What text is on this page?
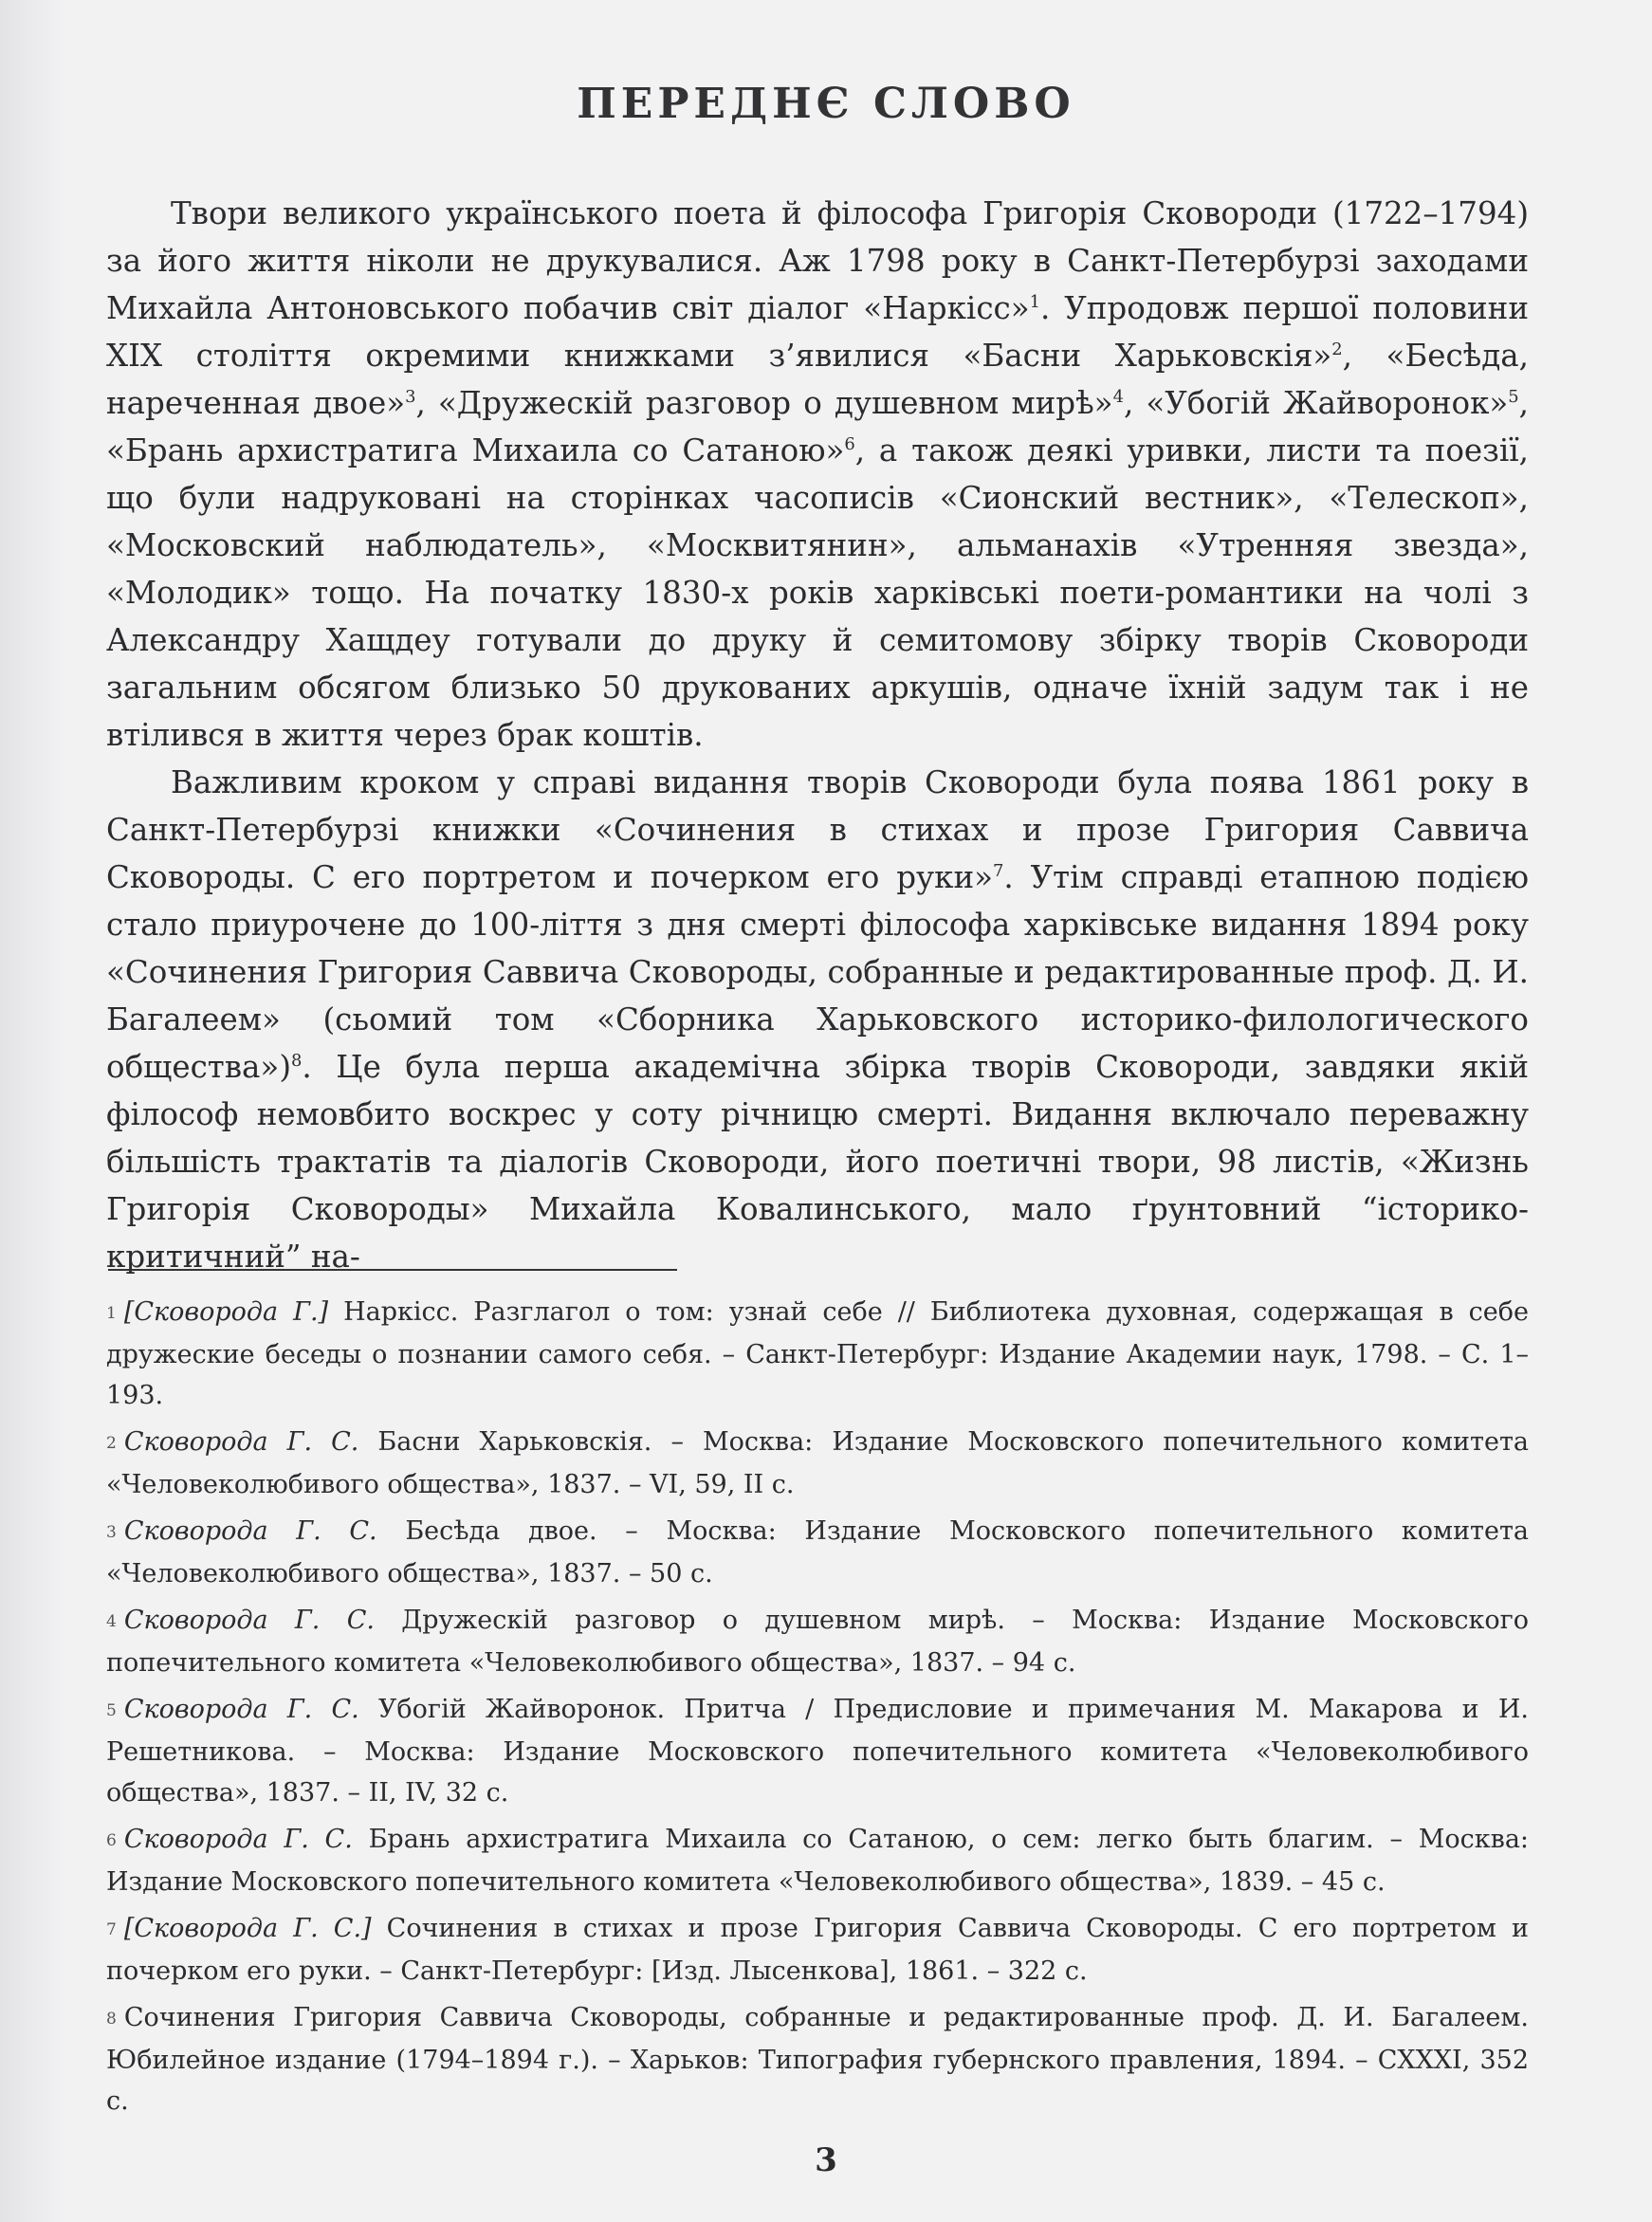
ПЕРЕДНЄ СЛОВО

Твори великого українського поета й філософа Григорія Сковороди (1722–1794) за його життя ніколи не друкувалися. Аж 1798 року в Санкт-Петербурзі заходами Михайла Антоновського побачив світ діалог «Наркісс»$^1$. Упродовж першої половини XIX століття окремими книжками з’явилися «Басни Харьковскія»$^2$, «Бесѣда, нареченная двое»$^3$, «Дружескій разговор о душевном мирѣ»$^4$, «Убогій Жайворонок»$^5$, «Брань архистратига Михаила со Сатаною»$^6$, а також деякі уривки, листи та поезії, що були надруковані на сторінках часописів «Сионский вестник», «Телескоп», «Московский наблюдатель», «Москвитянин», альманахів «Утренняя звезда», «Молодик» тощо. На початку 1830-х років харківські поети-романтики на чолі з Александру Хащдеу готували до друку й семитомову збірку творів Сковороди загальним обсягом близько 50 друкованих аркушів, одначе їхній задум так і не втілився в життя через брак коштів.

Важливим кроком у справі видання творів Сковороди була поява 1861 року в Санкт-Петербурзі книжки «Сочинения в стихах и прозе Григория Саввича Сковороды. С его портретом и почерком его руки»$^7$. Утім справді етапною подією стало приурочене до 100-ліття з дня смерті філософа харківське видання 1894 року «Сочинения Григория Саввича Сковороды, собранные и редактированные проф. Д. И. Багалеем» (сьомий том «Сборника Харьковского историко-филологического общества»)$^8$. Це була перша академічна збірка творів Сковороди, завдяки якій філософ немовбито воскрес у соту річницю смерті. Видання включало переважну більшість трактатів та діалогів Сковороди, його поетичні твори, 98 листів, «Жизнь Григорія Сковороды» Михайла Ковалинського, мало ґрунтовний “історико-критичний” на-

1 [Сковорода Г.] Наркісс. Разглагол о том: узнай себе // Библиотека духовная, содержащая в себе дружеские беседы о познании самого себя. – Санкт-Петербург: Издание Академии наук, 1798. – С. 1–193.

2 Сковорода Г. С. Басни Харьковскія. – Москва: Издание Московского попечительного комитета «Человеколюбивого общества», 1837. – VI, 59, II с.

3 Сковорода Г. С. Бесѣда двое. – Москва: Издание Московского попечительного комитета «Человеколюбивого общества», 1837. – 50 с.

4 Сковорода Г. С. Дружескій разговор о душевном мирѣ. – Москва: Издание Московского попечительного комитета «Человеколюбивого общества», 1837. – 94 с.

5 Сковорода Г. С. Убогій Жайворонок. Притча / Предисловие и примечания М. Макарова и И. Решетникова. – Москва: Издание Московского попечительного комитета «Человеколюбивого общества», 1837. – II, IV, 32 с.

6 Сковорода Г. С. Брань архистратига Михаила со Сатаною, о сем: легко быть благим. – Москва: Издание Московского попечительного комитета «Человеколюбивого общества», 1839. – 45 с.

7 [Сковорода Г. С.] Сочинения в стихах и прозе Григория Саввича Сковороды. С его портретом и почерком его руки. – Санкт-Петербург: [Изд. Лысенкова], 1861. – 322 с.

8 Сочинения Григория Саввича Сковороды, собранные и редактированные проф. Д. И. Багалеем. Юбилейное издание (1794–1894 г.). – Харьков: Типография губернского правления, 1894. – CXXXI, 352 с.

3
